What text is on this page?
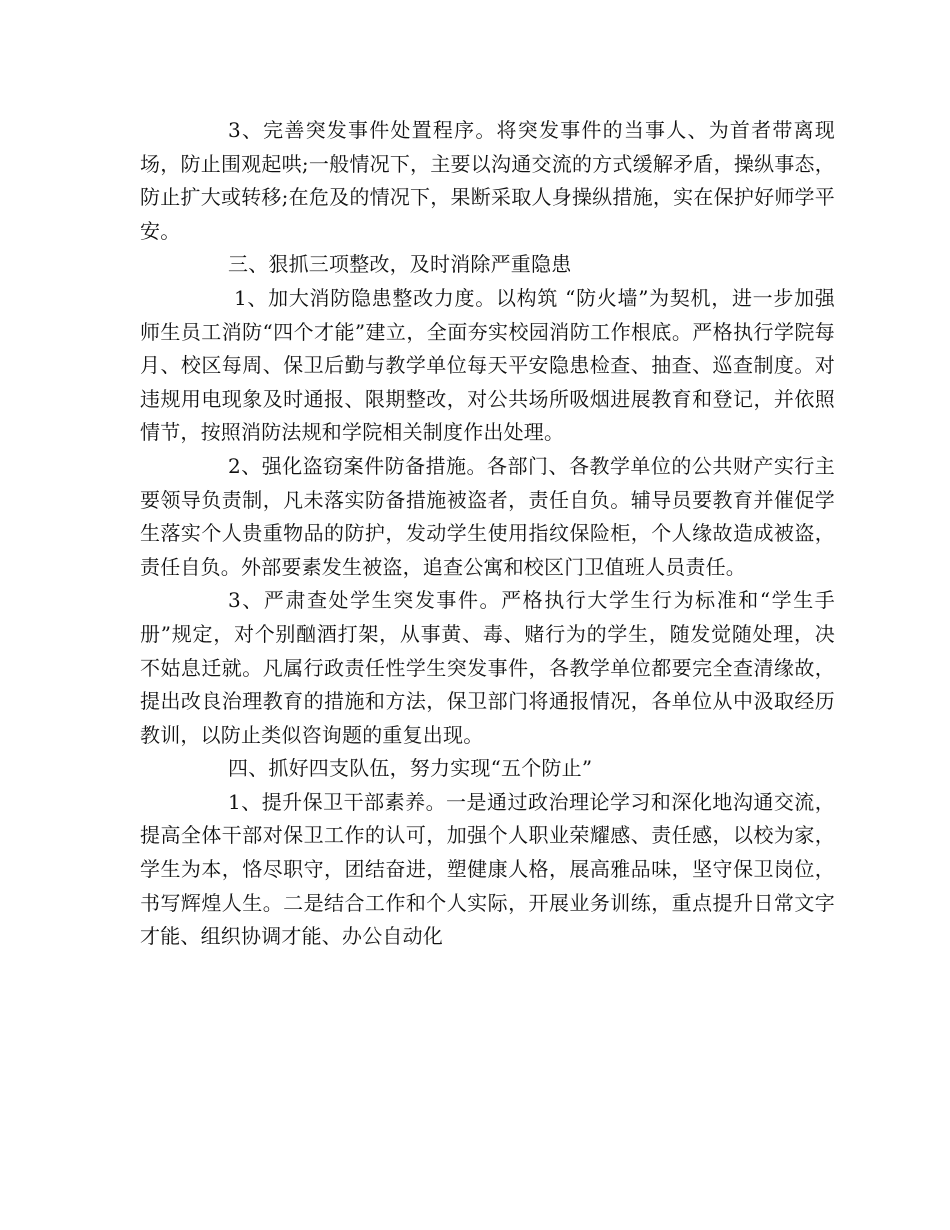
3、完善突发事件处置程序。将突发事件的当事人、为首者带离现场，防止围观起哄;一般情况下，主要以沟通交流的方式缓解矛盾，操纵事态，防止扩大或转移;在危及的情况下，果断采取人身操纵措施，实在保护好师学平安。

三、狠抓三项整改，及时消除严重隐患

1、加大消防隐患整改力度。以构筑 “防火墙”为契机，进一步加强师生员工消防“四个才能”建立，全面夯实校园消防工作根底。严格执行学院每月、校区每周、保卫后勤与教学单位每天平安隐患检查、抽查、巡查制度。对违规用电现象及时通报、限期整改，对公共场所吸烟进展教育和登记，并依照情节，按照消防法规和学院相关制度作出处理。

2、强化盗窃案件防备措施。各部门、各教学单位的公共财产实行主要领导负责制，凡未落实防备措施被盗者，责任自负。辅导员要教育并催促学生落实个人贵重物品的防护，发动学生使用指纹保险柜，个人缘故造成被盗，责任自负。外部要素发生被盗，追查公寓和校区门卫值班人员责任。

3、严肃查处学生突发事件。严格执行大学生行为标准和“学生手册”规定，对个别酗酒打架，从事黄、毒、赌行为的学生，随发觉随处理，决不姑息迁就。凡属行政责任性学生突发事件，各教学单位都要完全查清缘故，提出改良治理教育的措施和方法，保卫部门将通报情况，各单位从中汲取经历教训，以防止类似咨询题的重复出现。

四、抓好四支队伍，努力实现“五个防止”

1、提升保卫干部素养。一是通过政治理论学习和深化地沟通交流，提高全体干部对保卫工作的认可，加强个人职业荣耀感、责任感，以校为家，学生为本，恪尽职守，团结奋进，塑健康人格，展高雅品味，坚守保卫岗位，书写辉煌人生。二是结合工作和个人实际，开展业务训练，重点提升日常文字才能、组织协调才能、办公自动化
